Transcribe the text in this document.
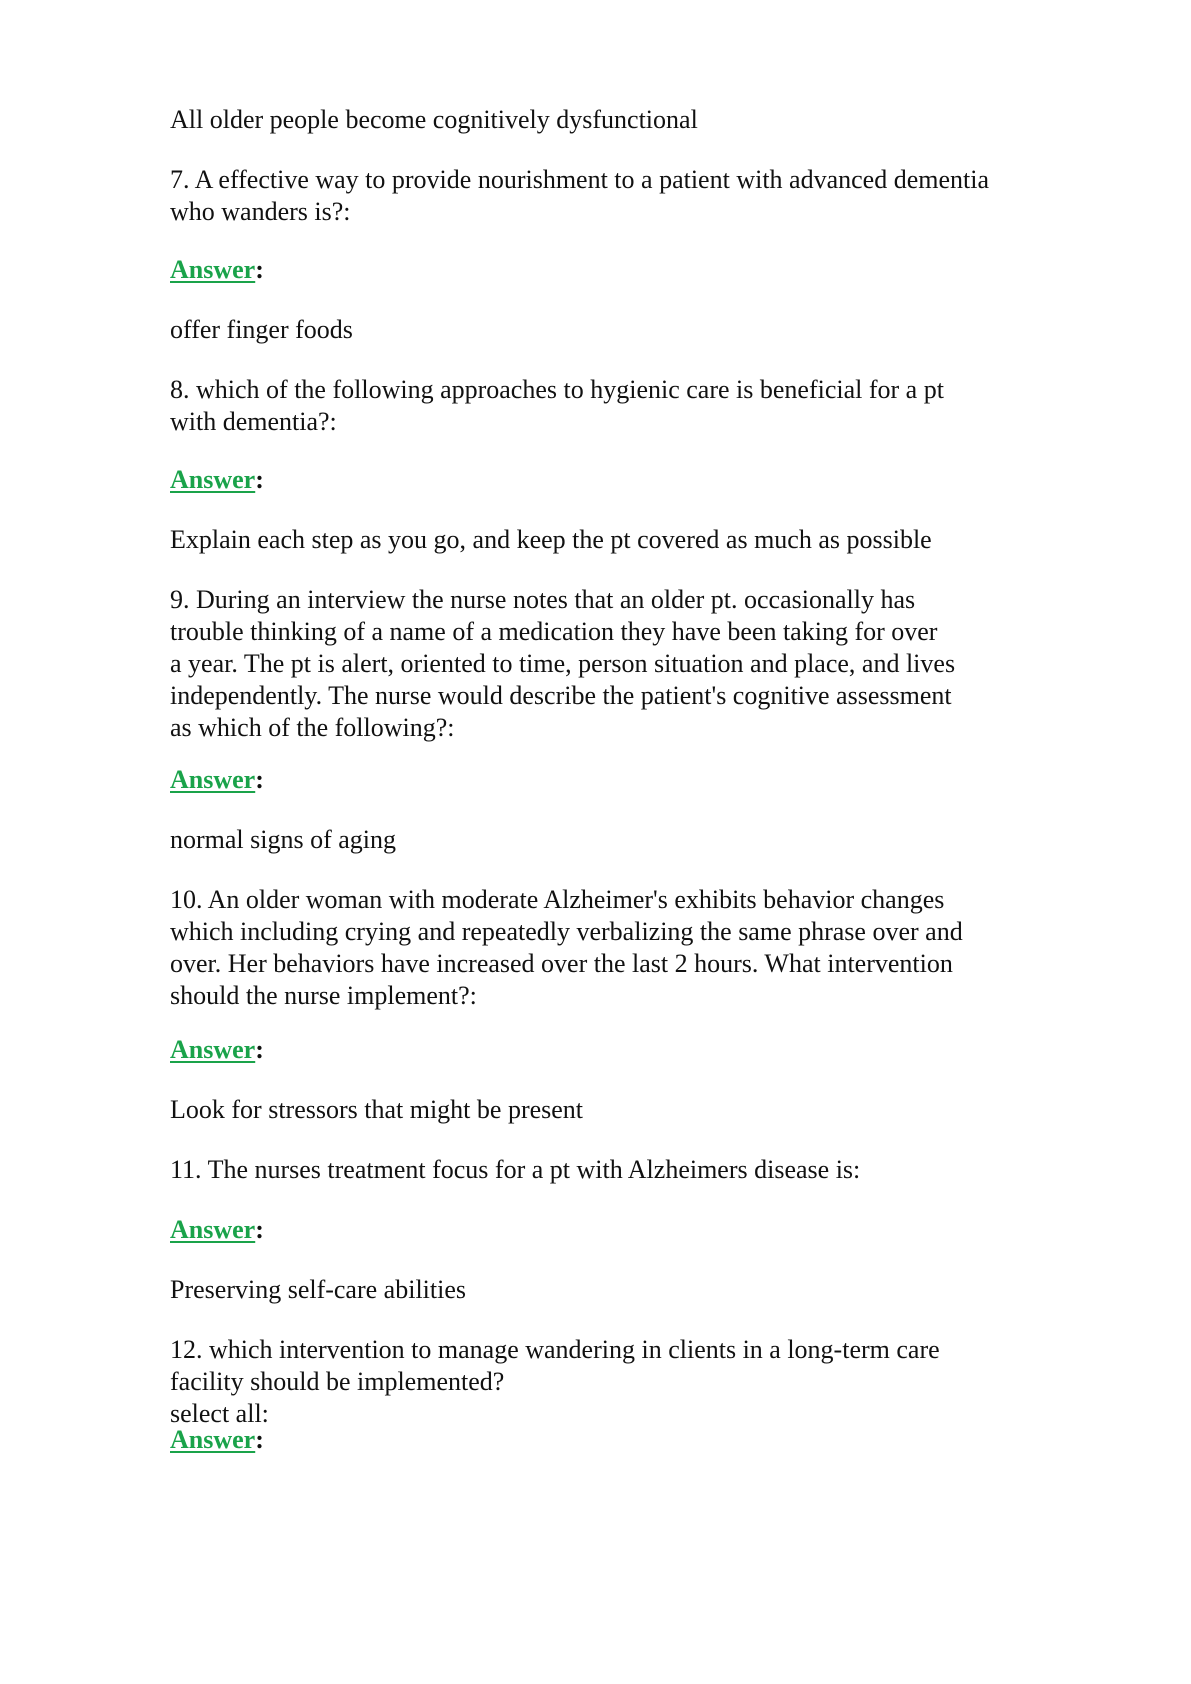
All older people become cognitively dysfunctional

7. A effective way to provide nourishment to a patient with advanced dementia
who wanders is?:

Answer:

offer finger foods

8. which of the following approaches to hygienic care is beneficial for a pt
with dementia?:

Answer:

Explain each step as you go, and keep the pt covered as much as possible

9. During an interview the nurse notes that an older pt. occasionally has
trouble thinking of a name of a medication they have been taking for over
a year. The pt is alert, oriented to time, person situation and place, and lives
independently. The nurse would describe the patient's cognitive assessment
as which of the following?:

Answer:

normal signs of aging

10. An older woman with moderate Alzheimer's exhibits behavior changes
which including crying and repeatedly verbalizing the same phrase over and
over. Her behaviors have increased over the last 2 hours. What intervention
should the nurse implement?:

Answer:

Look for stressors that might be present

11. The nurses treatment focus for a pt with Alzheimers disease is:

Answer:

Preserving self-care abilities

12. which intervention to manage wandering in clients in a long-term care
facility should be implemented?
select all:

Answer:
